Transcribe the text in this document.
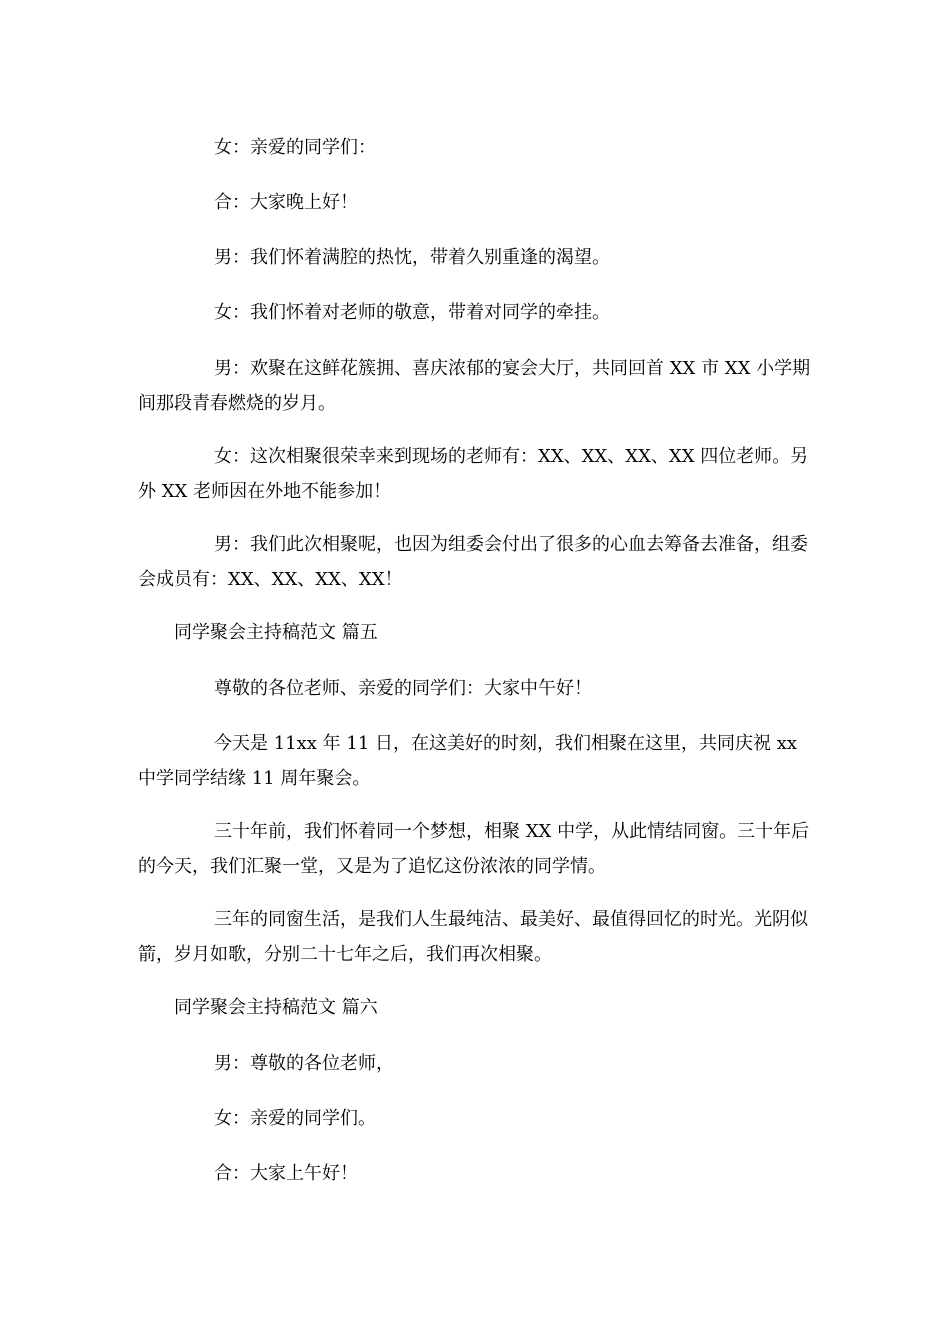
女：亲爱的同学们：

合：大家晚上好！

男：我们怀着满腔的热忱，带着久别重逢的渴望。

女：我们怀着对老师的敬意，带着对同学的牵挂。

男：欢聚在这鲜花簇拥、喜庆浓郁的宴会大厅，共同回首 XX 市 XX 小学期间那段青春燃烧的岁月。

女：这次相聚很荣幸来到现场的老师有：XX、XX、XX、XX 四位老师。另外 XX 老师因在外地不能参加！

男：我们此次相聚呢，也因为组委会付出了很多的心血去筹备去准备，组委会成员有：XX、XX、XX、XX！

同学聚会主持稿范文 篇五

尊敬的各位老师、亲爱的同学们：大家中午好！

今天是 11xx 年 11 日，在这美好的时刻，我们相聚在这里，共同庆祝 xx 中学同学结缘 11 周年聚会。

三十年前，我们怀着同一个梦想，相聚 XX 中学，从此情结同窗。三十年后的今天，我们汇聚一堂，又是为了追忆这份浓浓的同学情。

三年的同窗生活，是我们人生最纯洁、最美好、最值得回忆的时光。光阴似箭，岁月如歌，分别二十七年之后，我们再次相聚。

同学聚会主持稿范文 篇六

男：尊敬的各位老师，

女：亲爱的同学们。

合：大家上午好！
